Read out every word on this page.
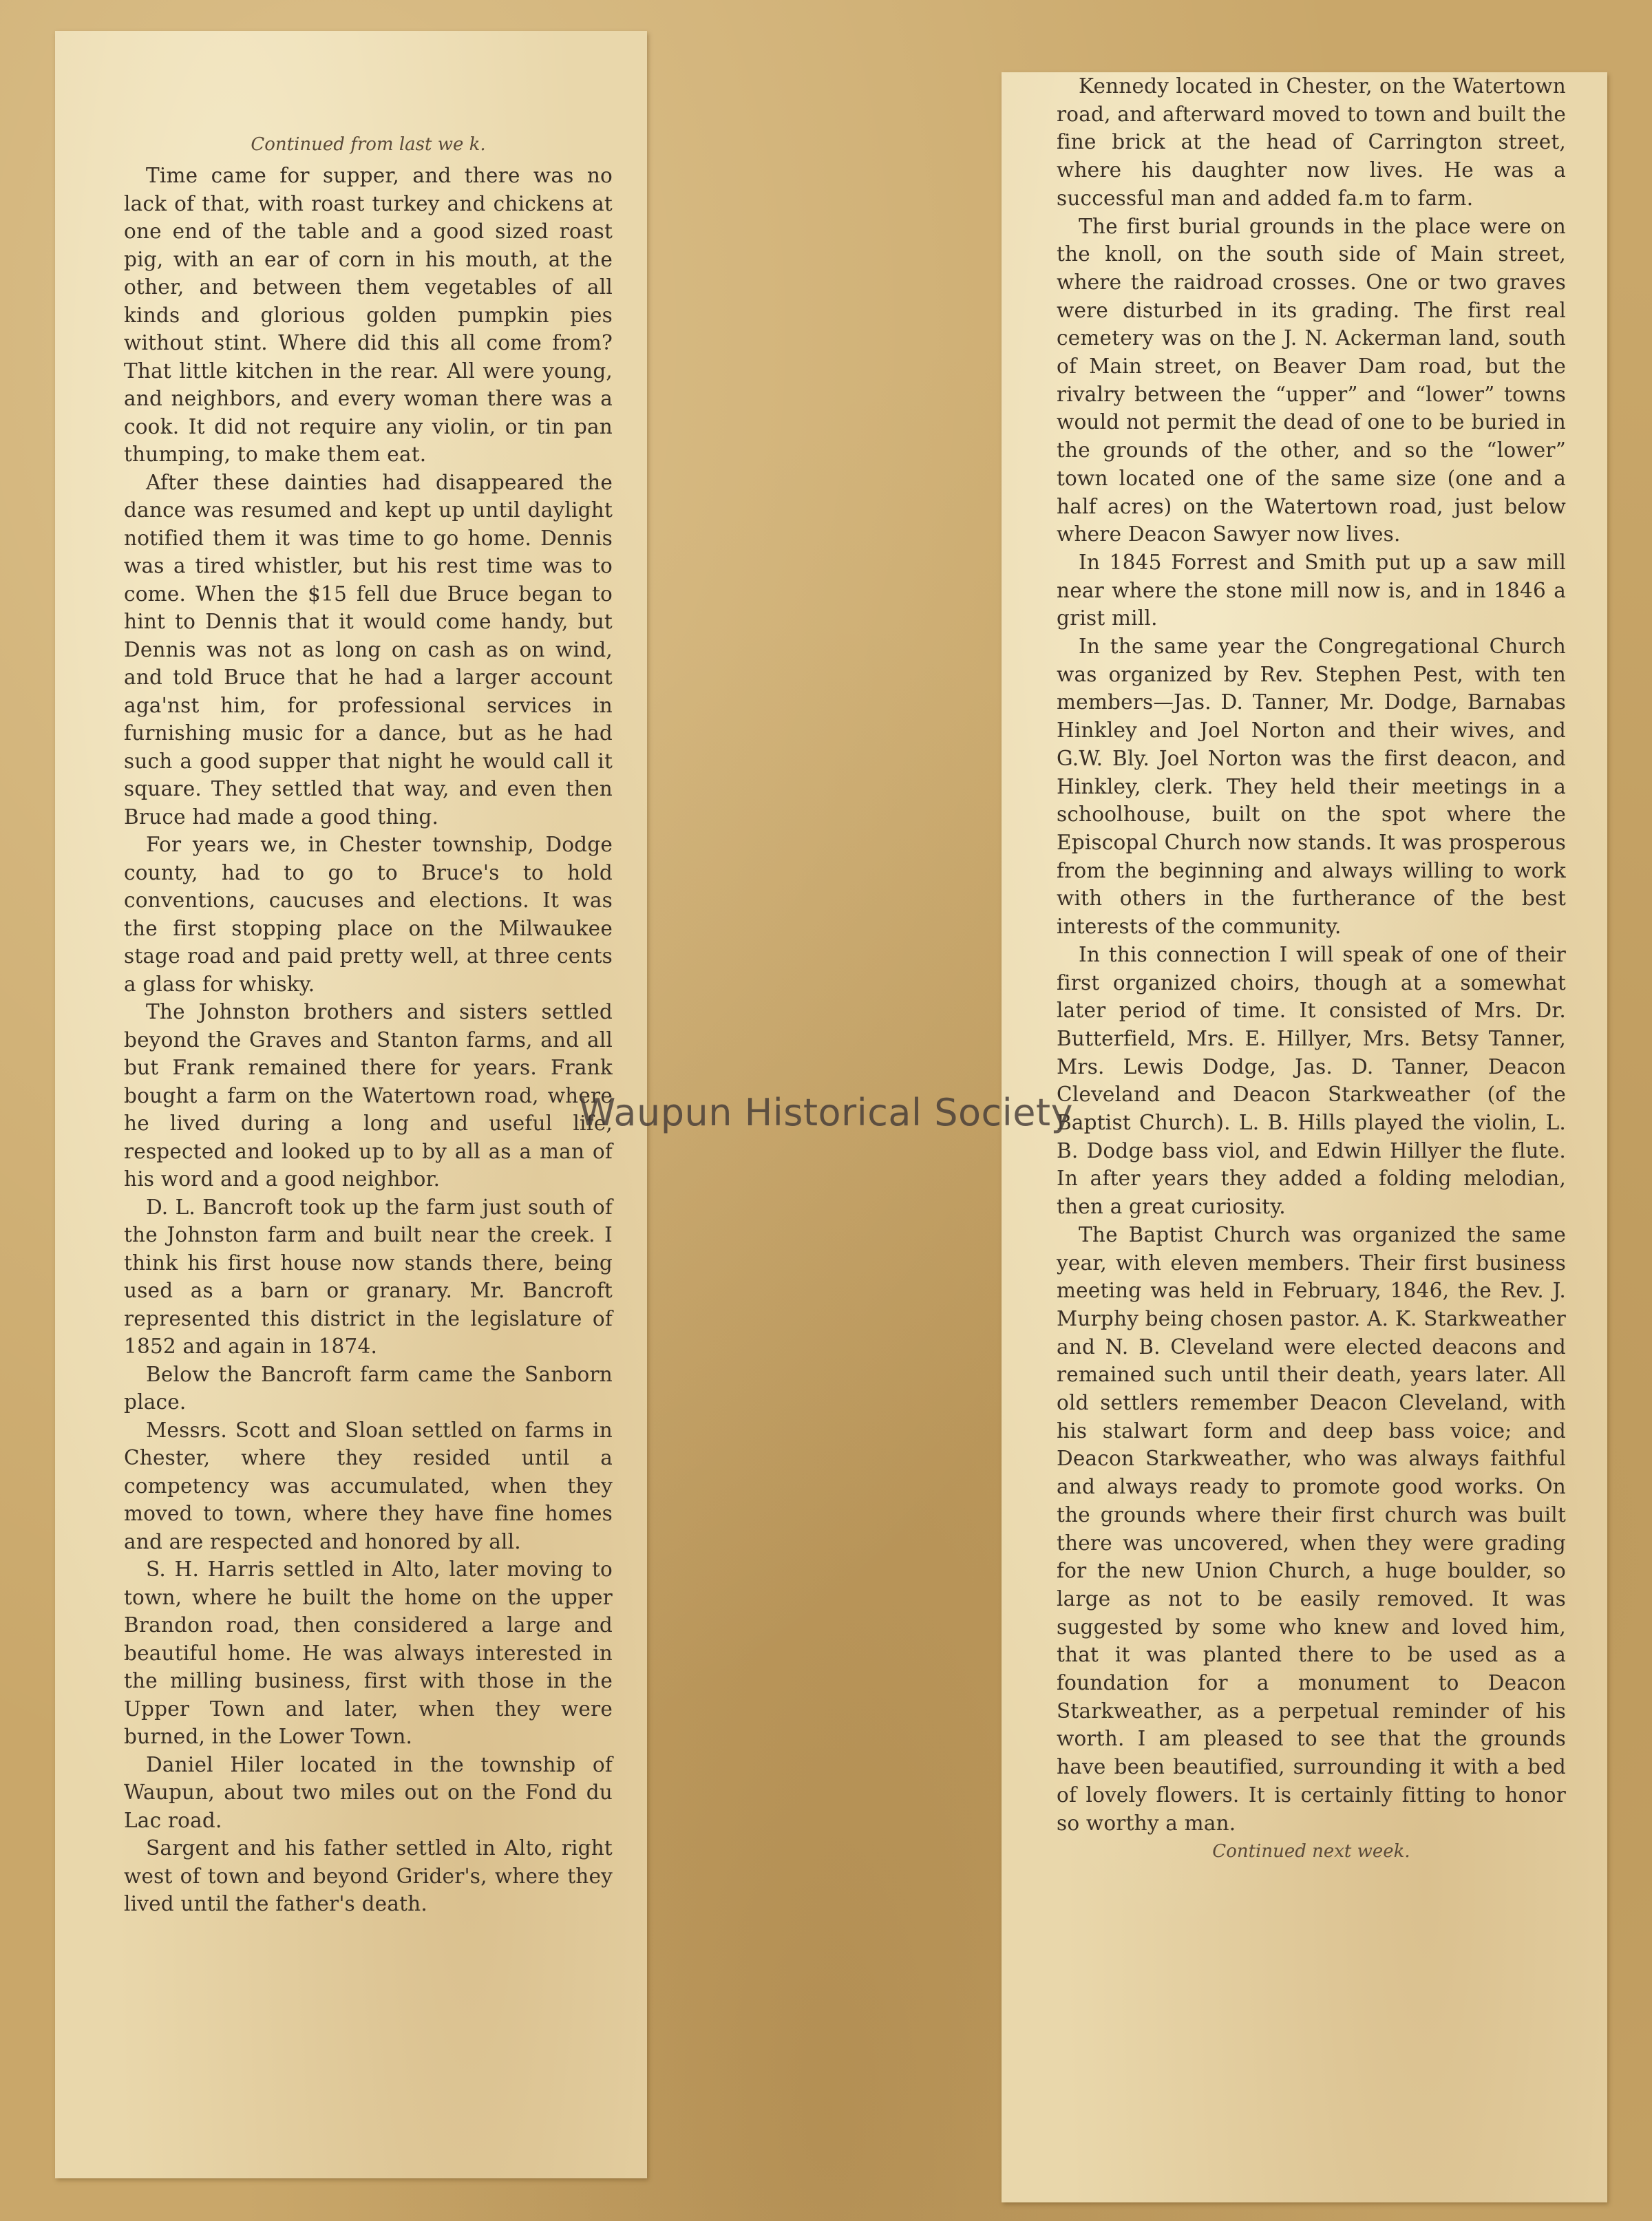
Continued from last we k.

Time came for supper, and there was no lack of that, with roast turkey and chickens at one end of the table and a good sized roast pig, with an ear of corn in his mouth, at the other, and between them vegetables of all kinds and glorious golden pumpkin pies without stint. Where did this all come from? That little kitchen in the rear. All were young, and neighbors, and every woman there was a cook. It did not require any violin, or tin pan thumping, to make them eat.

After these dainties had disappeared the dance was resumed and kept up until daylight notified them it was time to go home. Dennis was a tired whistler, but his rest time was to come. When the $15 fell due Bruce began to hint to Dennis that it would come handy, but Dennis was not as long on cash as on wind, and told Bruce that he had a larger account aga'nst him, for professional services in furnishing music for a dance, but as he had such a good supper that night he would call it square. They settled that way, and even then Bruce had made a good thing.

For years we, in Chester township, Dodge county, had to go to Bruce's to hold conventions, caucuses and elections. It was the first stopping place on the Milwaukee stage road and paid pretty well, at three cents a glass for whisky.

The Johnston brothers and sisters settled beyond the Graves and Stanton farms, and all but Frank remained there for years. Frank bought a farm on the Watertown road, where he lived during a long and useful life, respected and looked up to by all as a man of his word and a good neighbor.

D. L. Bancroft took up the farm just south of the Johnston farm and built near the creek. I think his first house now stands there, being used as a barn or granary. Mr. Bancroft represented this district in the legislature of 1852 and again in 1874.

Below the Bancroft farm came the Sanborn place.

Messrs. Scott and Sloan settled on farms in Chester, where they resided until a competency was accumulated, when they moved to town, where they have fine homes and are respected and honored by all.

S. H. Harris settled in Alto, later moving to town, where he built the home on the upper Brandon road, then considered a large and beautiful home. He was always interested in the milling business, first with those in the Upper Town and later, when they were burned, in the Lower Town.

Daniel Hiler located in the township of Waupun, about two miles out on the Fond du Lac road.

Sargent and his father settled in Alto, right west of town and beyond Grider's, where they lived until the father's death.

Kennedy located in Chester, on the Watertown road, and afterward moved to town and built the fine brick at the head of Carrington street, where his daughter now lives. He was a successful man and added fa.m to farm.

The first burial grounds in the place were on the knoll, on the south side of Main street, where the raidroad crosses. One or two graves were disturbed in its grading. The first real cemetery was on the J. N. Ackerman land, south of Main street, on Beaver Dam road, but the rivalry between the “upper” and “lower” towns would not permit the dead of one to be buried in the grounds of the other, and so the “lower” town located one of the same size (one and a half acres) on the Watertown road, just below where Deacon Sawyer now lives.

In 1845 Forrest and Smith put up a saw mill near where the stone mill now is, and in 1846 a grist mill.

In the same year the Congregational Church was organized by Rev. Stephen Pest, with ten members—Jas. D. Tanner, Mr. Dodge, Barnabas Hinkley and Joel Norton and their wives, and G.W. Bly. Joel Norton was the first deacon, and Hinkley, clerk. They held their meetings in a schoolhouse, built on the spot where the Episcopal Church now stands. It was prosperous from the beginning and always willing to work with others in the furtherance of the best interests of the community.

In this connection I will speak of one of their first organized choirs, though at a somewhat later period of time. It consisted of Mrs. Dr. Butterfield, Mrs. E. Hillyer, Mrs. Betsy Tanner, Mrs. Lewis Dodge, Jas. D. Tanner, Deacon Cleveland and Deacon Starkweather (of the Baptist Church). L. B. Hills played the violin, L. B. Dodge bass viol, and Edwin Hillyer the flute. In after years they added a folding melodian, then a great curiosity.

The Baptist Church was organized the same year, with eleven members. Their first business meeting was held in February, 1846, the Rev. J. Murphy being chosen pastor. A. K. Starkweather and N. B. Cleveland were elected deacons and remained such until their death, years later. All old settlers remember Deacon Cleveland, with his stalwart form and deep bass voice; and Deacon Starkweather, who was always faithful and always ready to promote good works. On the grounds where their first church was built there was uncovered, when they were grading for the new Union Church, a huge boulder, so large as not to be easily removed. It was suggested by some who knew and loved him, that it was planted there to be used as a foundation for a monument to Deacon Starkweather, as a perpetual reminder of his worth. I am pleased to see that the grounds have been beautified, surrounding it with a bed of lovely flowers. It is certainly fitting to honor so worthy a man.

Continued next week.
Waupun Historical Society
